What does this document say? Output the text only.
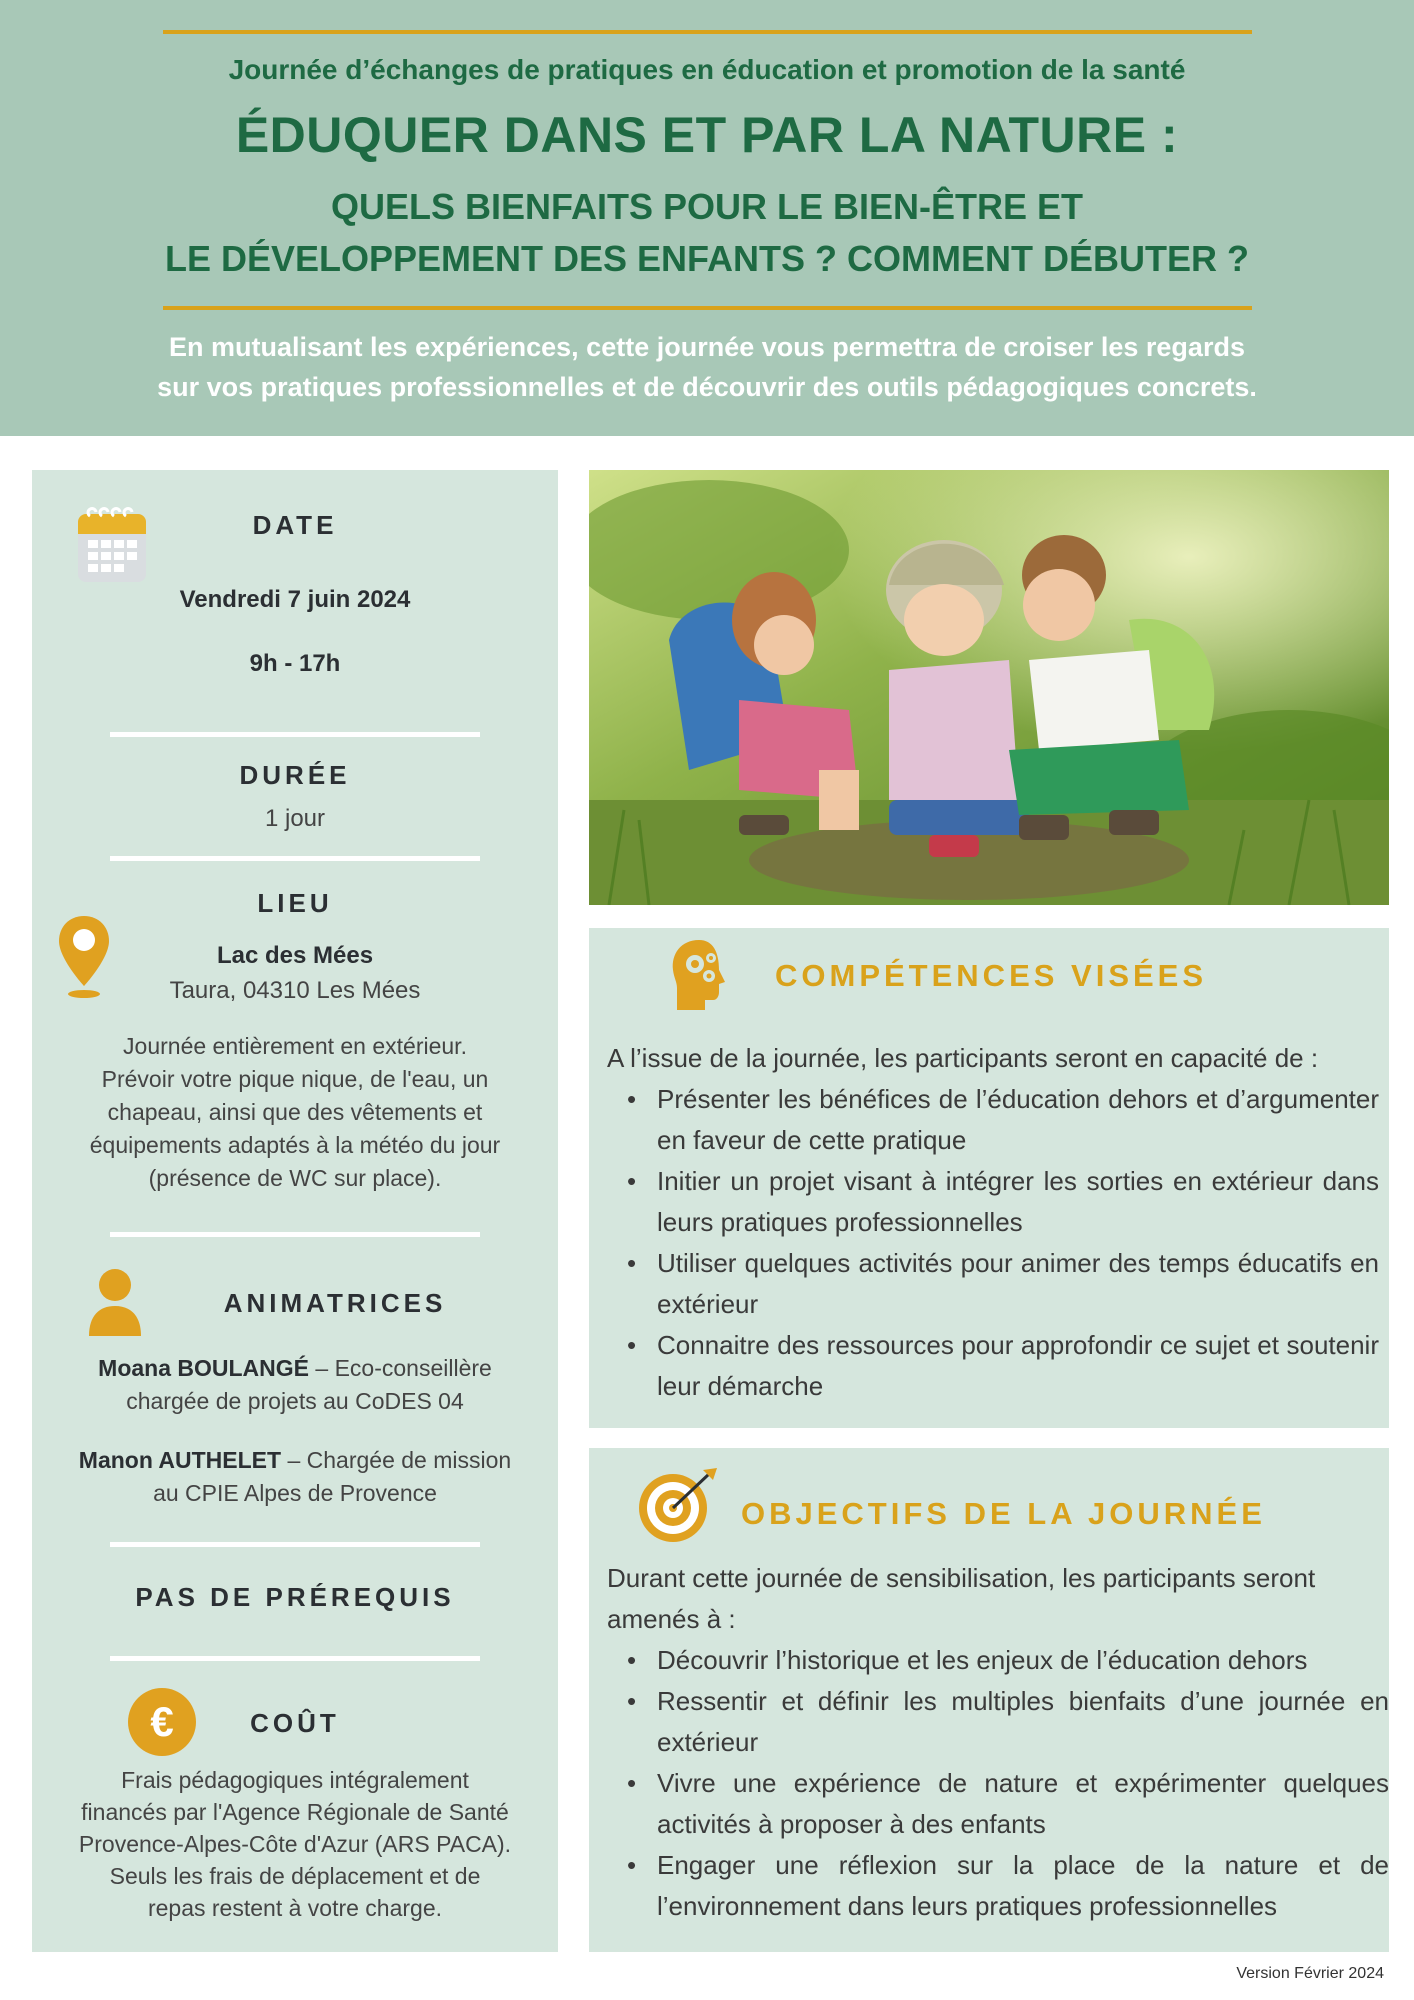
Journée d’échanges de pratiques en éducation et promotion de la santé
ÉDUQUER DANS ET PAR LA NATURE :
QUELS BIENFAITS POUR LE BIEN-ÊTRE ET
LE DÉVELOPPEMENT DES ENFANTS ? COMMENT DÉBUTER ?
En mutualisant les expériences, cette journée vous permettra de croiser les regards
sur vos pratiques professionnelles et de découvrir des outils pédagogiques concrets.
DATE
Vendredi 7 juin 2024
9h - 17h
DURÉE
1 jour
LIEU
Lac des Mées
Taura, 04310 Les Mées
Journée entièrement en extérieur.
Prévoir votre pique nique, de l'eau, un
chapeau, ainsi que des vêtements et
équipements adaptés à la météo du jour
(présence de WC sur place).
ANIMATRICES
Moana BOULANGÉ – Eco-conseillère
chargée de projets au CoDES 04
Manon AUTHELET – Chargée de mission
au CPIE Alpes de Provence
PAS DE PRÉREQUIS
€	COÛT
Frais pédagogiques intégralement
financés par l'Agence Régionale de Santé
Provence-Alpes-Côte d'Azur (ARS PACA).
Seuls les frais de déplacement et de
repas restent à votre charge.
COMPÉTENCES VISÉES
A l’issue de la journée, les participants seront en capacité de :
• Présenter les bénéfices de l’éducation dehors et d’argumenter en faveur de cette pratique
• Initier un projet visant à intégrer les sorties en extérieur dans leurs pratiques professionnelles
• Utiliser quelques activités pour animer des temps éducatifs en extérieur
• Connaitre des ressources pour approfondir ce sujet et soutenir leur démarche
OBJECTIFS DE LA JOURNÉE
Durant cette journée de sensibilisation, les participants seront amenés à :
• Découvrir l’historique et les enjeux de l’éducation dehors
• Ressentir et définir les multiples bienfaits d’une journée en extérieur
• Vivre une expérience de nature et expérimenter quelques activités à proposer à des enfants
• Engager une réflexion sur la place de la nature et de l’environnement dans leurs pratiques professionnelles
Version Février 2024
